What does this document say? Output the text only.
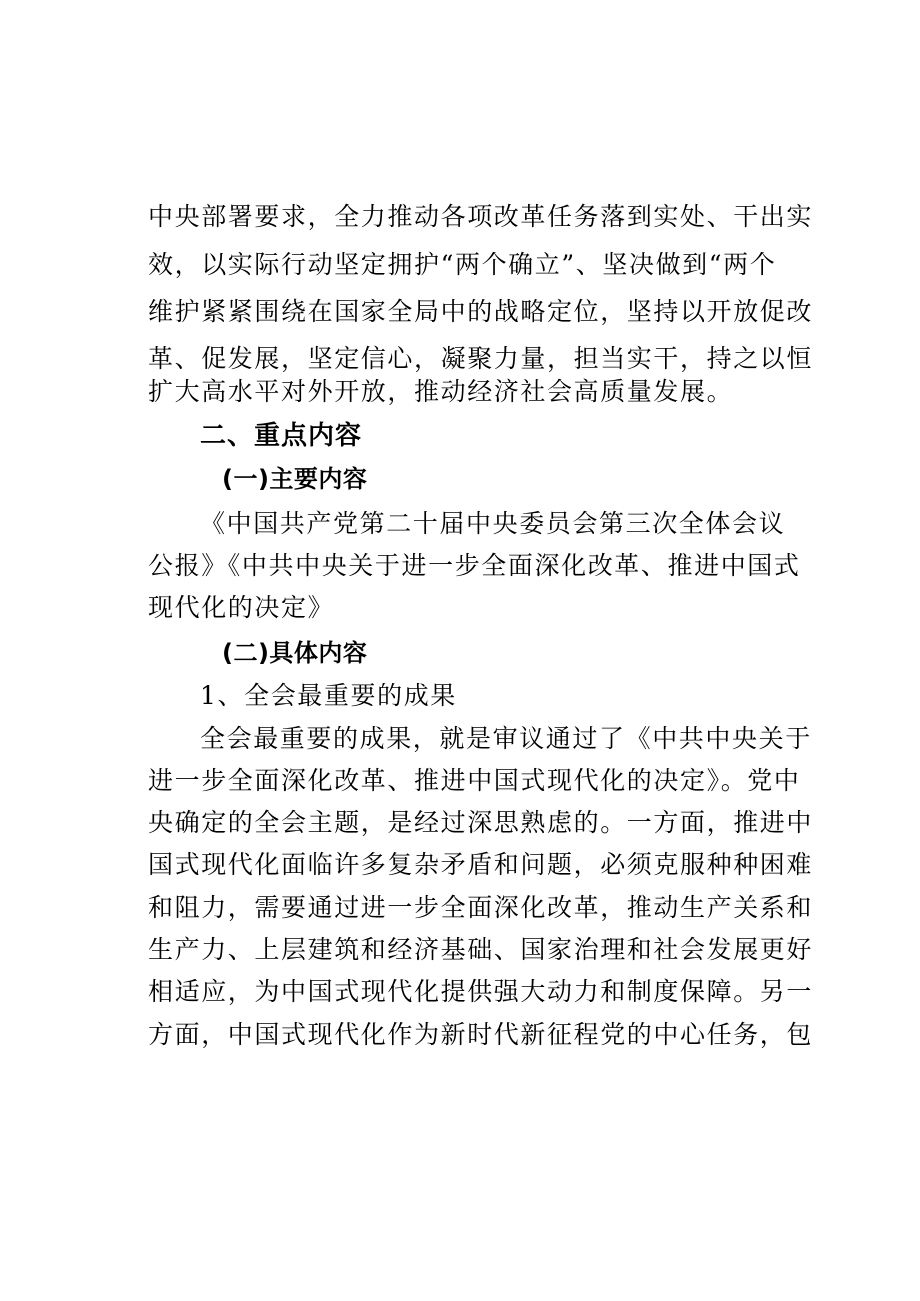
中央部署要求，全力推动各项改革任务落到实处、干出实
效，以实际行动坚定拥护“两个确立”、坚决做到“两个
维护紧紧围绕在国家全局中的战略定位，坚持以开放促改
革、促发展，坚定信心，凝聚力量，担当实干，持之以恒
扩大高水平对外开放，推动经济社会高质量发展。
二、重点内容
(一)主要内容
《中国共产党第二十届中央委员会第三次全体会议
公报》《中共中央关于进一步全面深化改革、推进中国式
现代化的决定》
(二)具体内容
1、全会最重要的成果
全会最重要的成果，就是审议通过了《中共中央关于
进一步全面深化改革、推进中国式现代化的决定》。党中
央确定的全会主题，是经过深思熟虑的。一方面，推进中
国式现代化面临许多复杂矛盾和问题，必须克服种种困难
和阻力，需要通过进一步全面深化改革，推动生产关系和
生产力、上层建筑和经济基础、国家治理和社会发展更好
相适应，为中国式现代化提供强大动力和制度保障。另一
方面，中国式现代化作为新时代新征程党的中心任务，包
